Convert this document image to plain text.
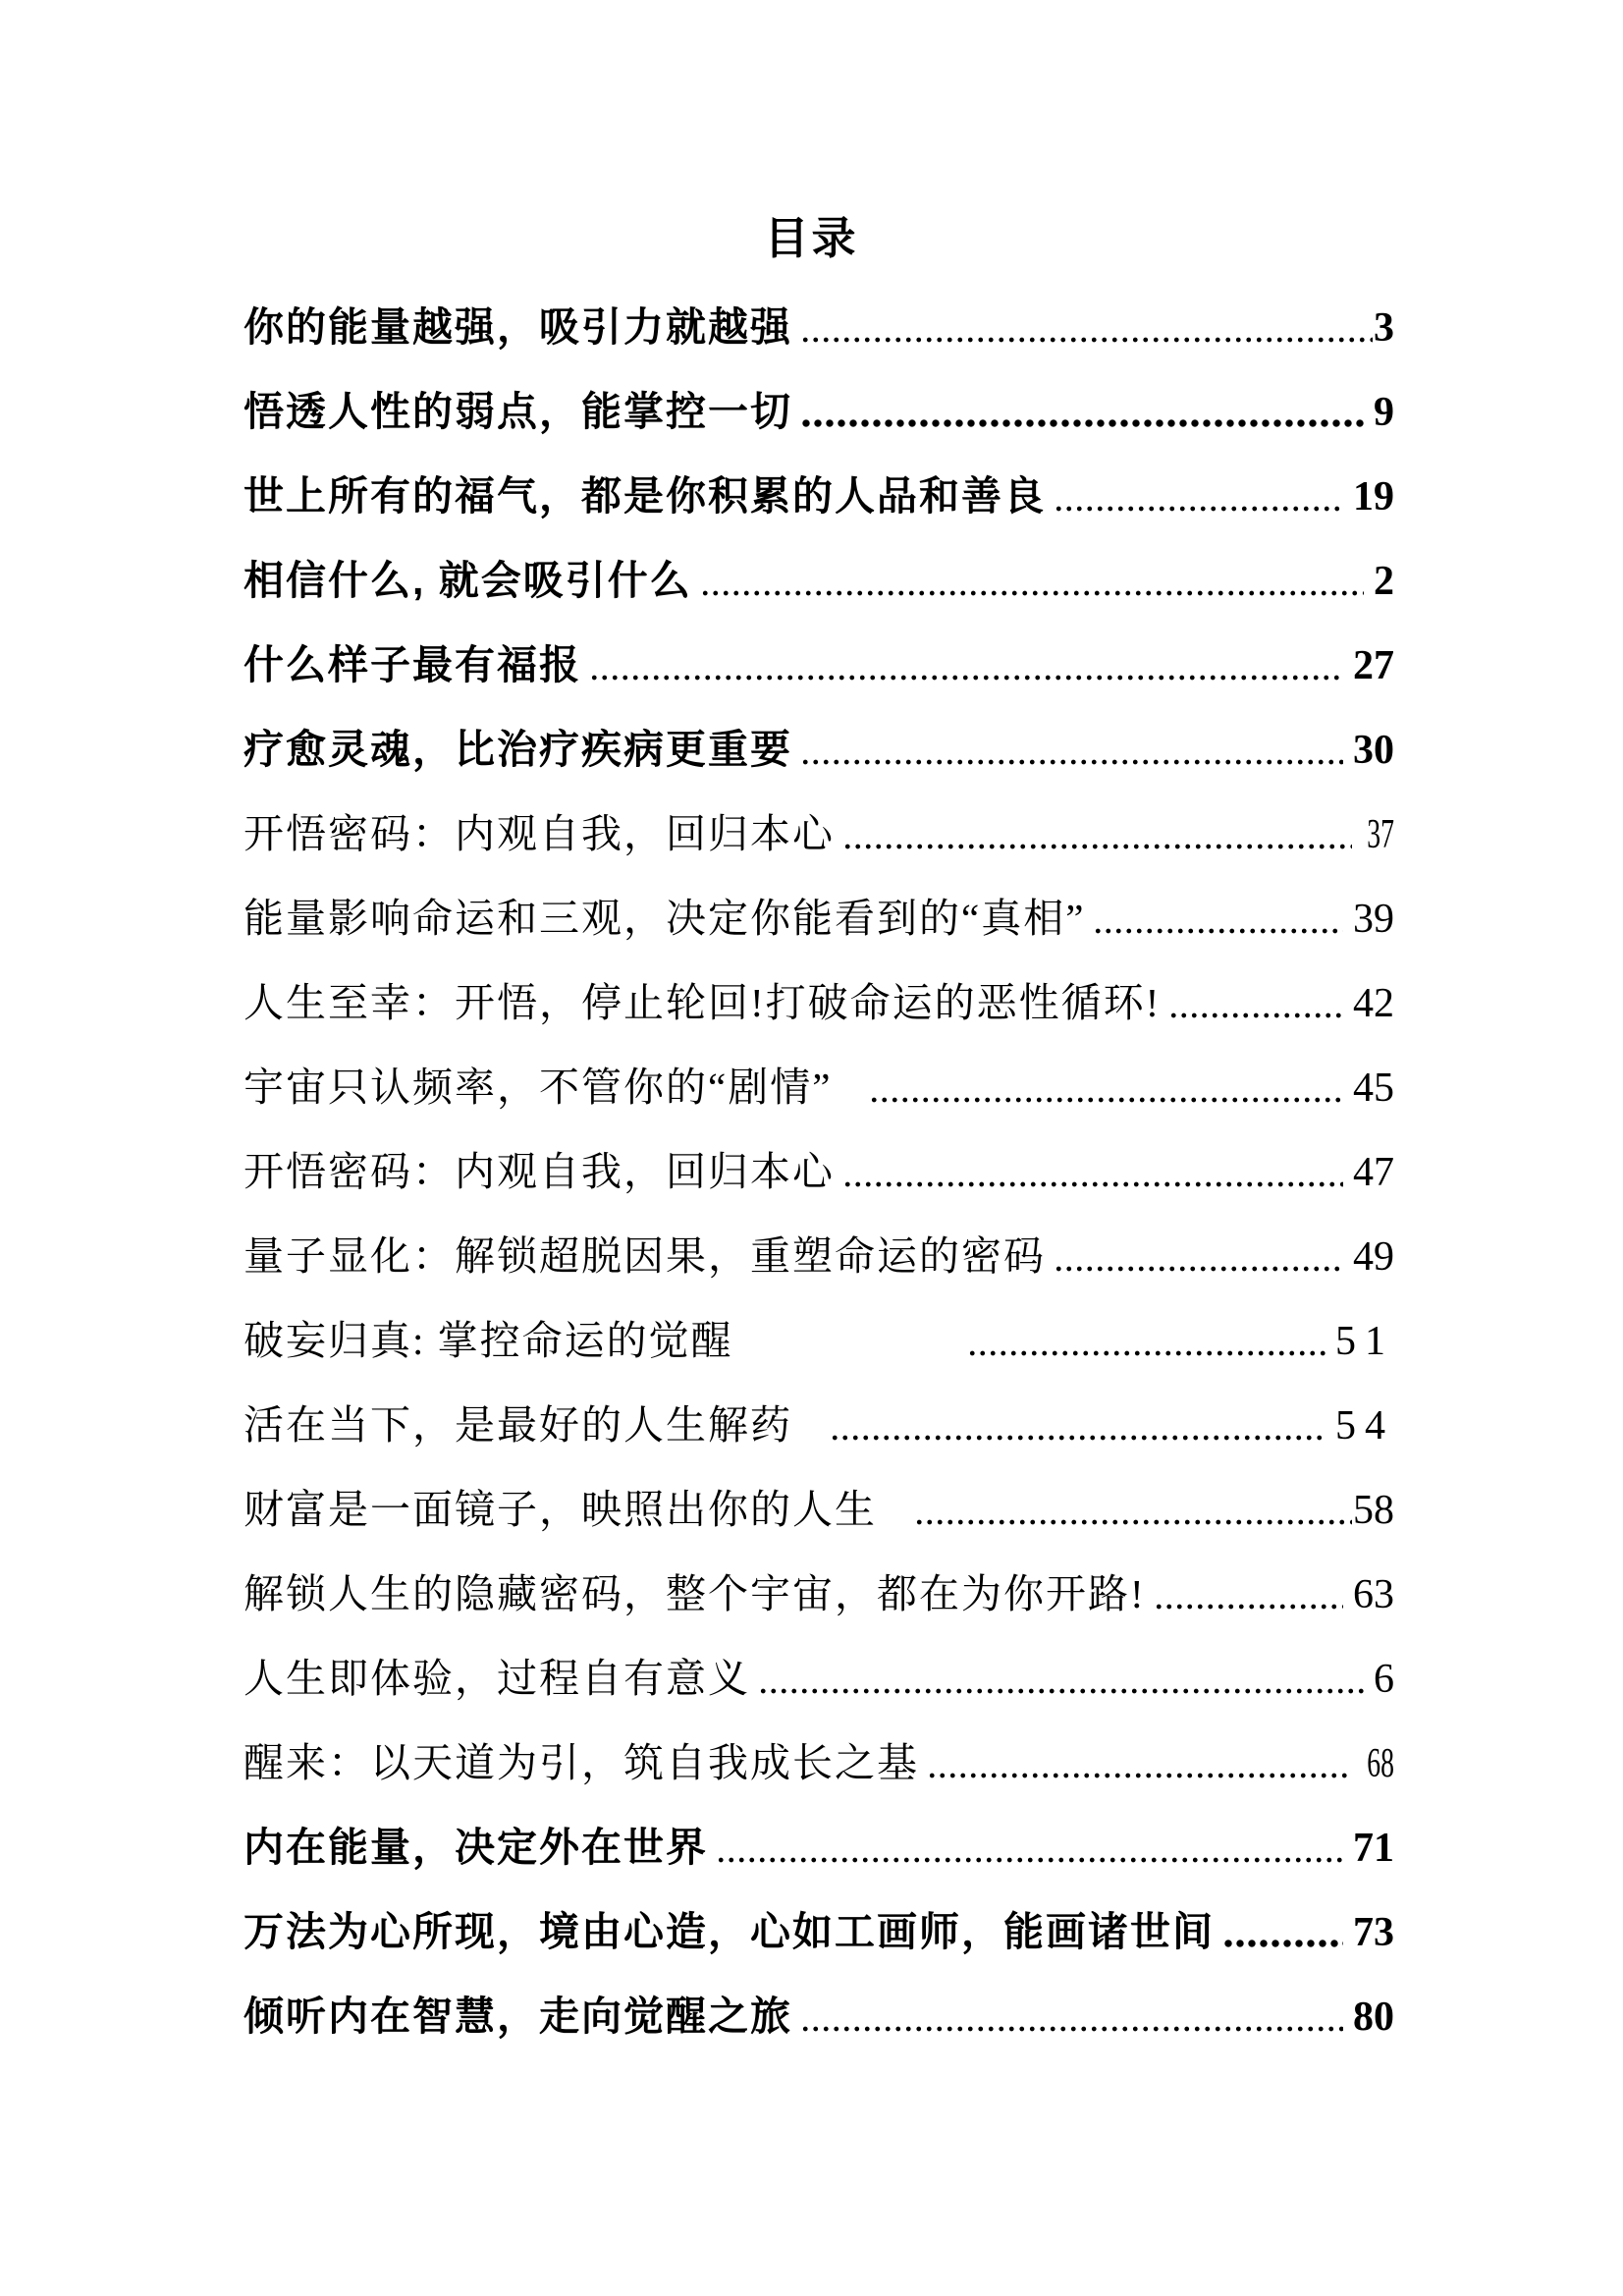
目录
你的能量越强，吸引力就越强	3
悟透人性的弱点，能掌控一切	9
世上所有的福气，都是你积累的人品和善良	19
相信什么, 就会吸引什么	2
什么样子最有福报	27
疗愈灵魂，比治疗疾病更重要	30
开悟密码：内观自我，回归本心	37
能量影响命运和三观，决定你能看到的“真相”	39
人生至幸：开悟，停止轮回!打破命运的恶性循环!	42
宇宙只认频率，不管你的“剧情”	45
开悟密码：内观自我，回归本心	47
量子显化：解锁超脱因果，重塑命运的密码	49
破妄归真: 掌控命运的觉醒	51
活在当下，是最好的人生解药	54
财富是一面镜子，映照出你的人生	58
解锁人生的隐藏密码，整个宇宙，都在为你开路!	63
人生即体验，过程自有意义	6
醒来：以天道为引，筑自我成长之基	68
内在能量，决定外在世界	71
万法为心所现，境由心造，心如工画师，能画诸世间	73
倾听内在智慧，走向觉醒之旅	80
